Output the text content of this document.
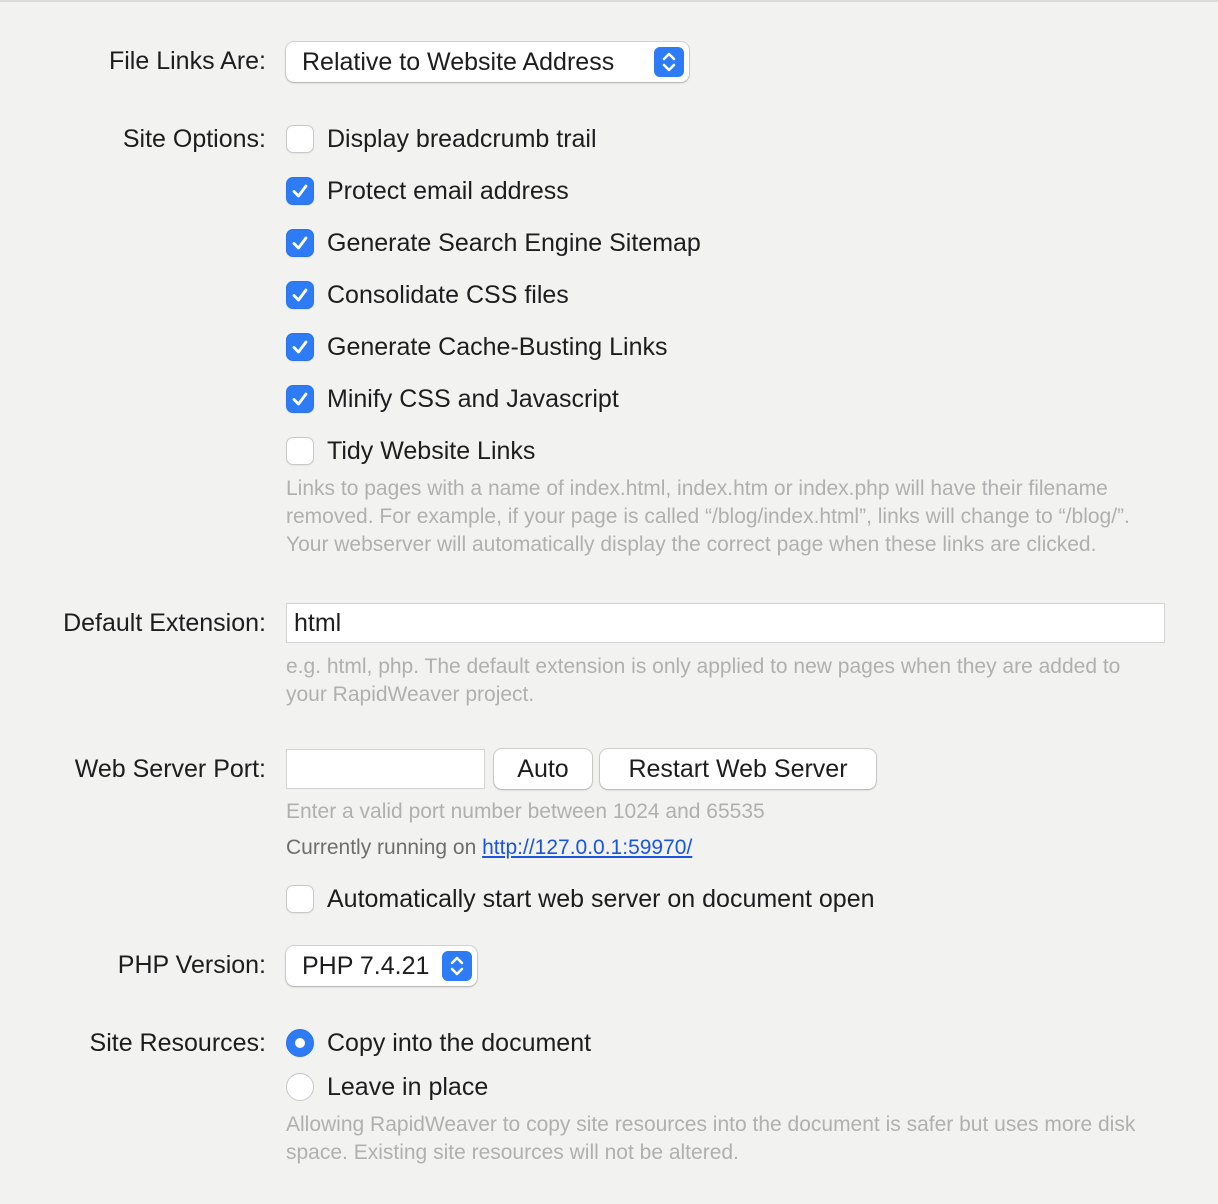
File Links Are: Relative to Website Address
Site Options: Display breadcrumb trail
Protect email address
Generate Search Engine Sitemap
Consolidate CSS files
Generate Cache-Busting Links
Minify CSS and Javascript
Tidy Website Links
Links to pages with a name of index.html, index.htm or index.php will have their filename removed. For example, if your page is called “/blog/index.html”, links will change to “/blog/”. Your webserver will automatically display the correct page when these links are clicked.
Default Extension:
html
e.g. html, php. The default extension is only applied to new pages when they are added to your RapidWeaver project.
Web Server Port:	Auto	Restart Web Server
Enter a valid port number between 1024 and 65535
Currently running on http://127.0.0.1:59970/
Automatically start web server on document open
PHP Version: PHP 7.4.21
Site Resources: Copy into the document
Leave in place
Allowing RapidWeaver to copy site resources into the document is safer but uses more disk space. Existing site resources will not be altered.
